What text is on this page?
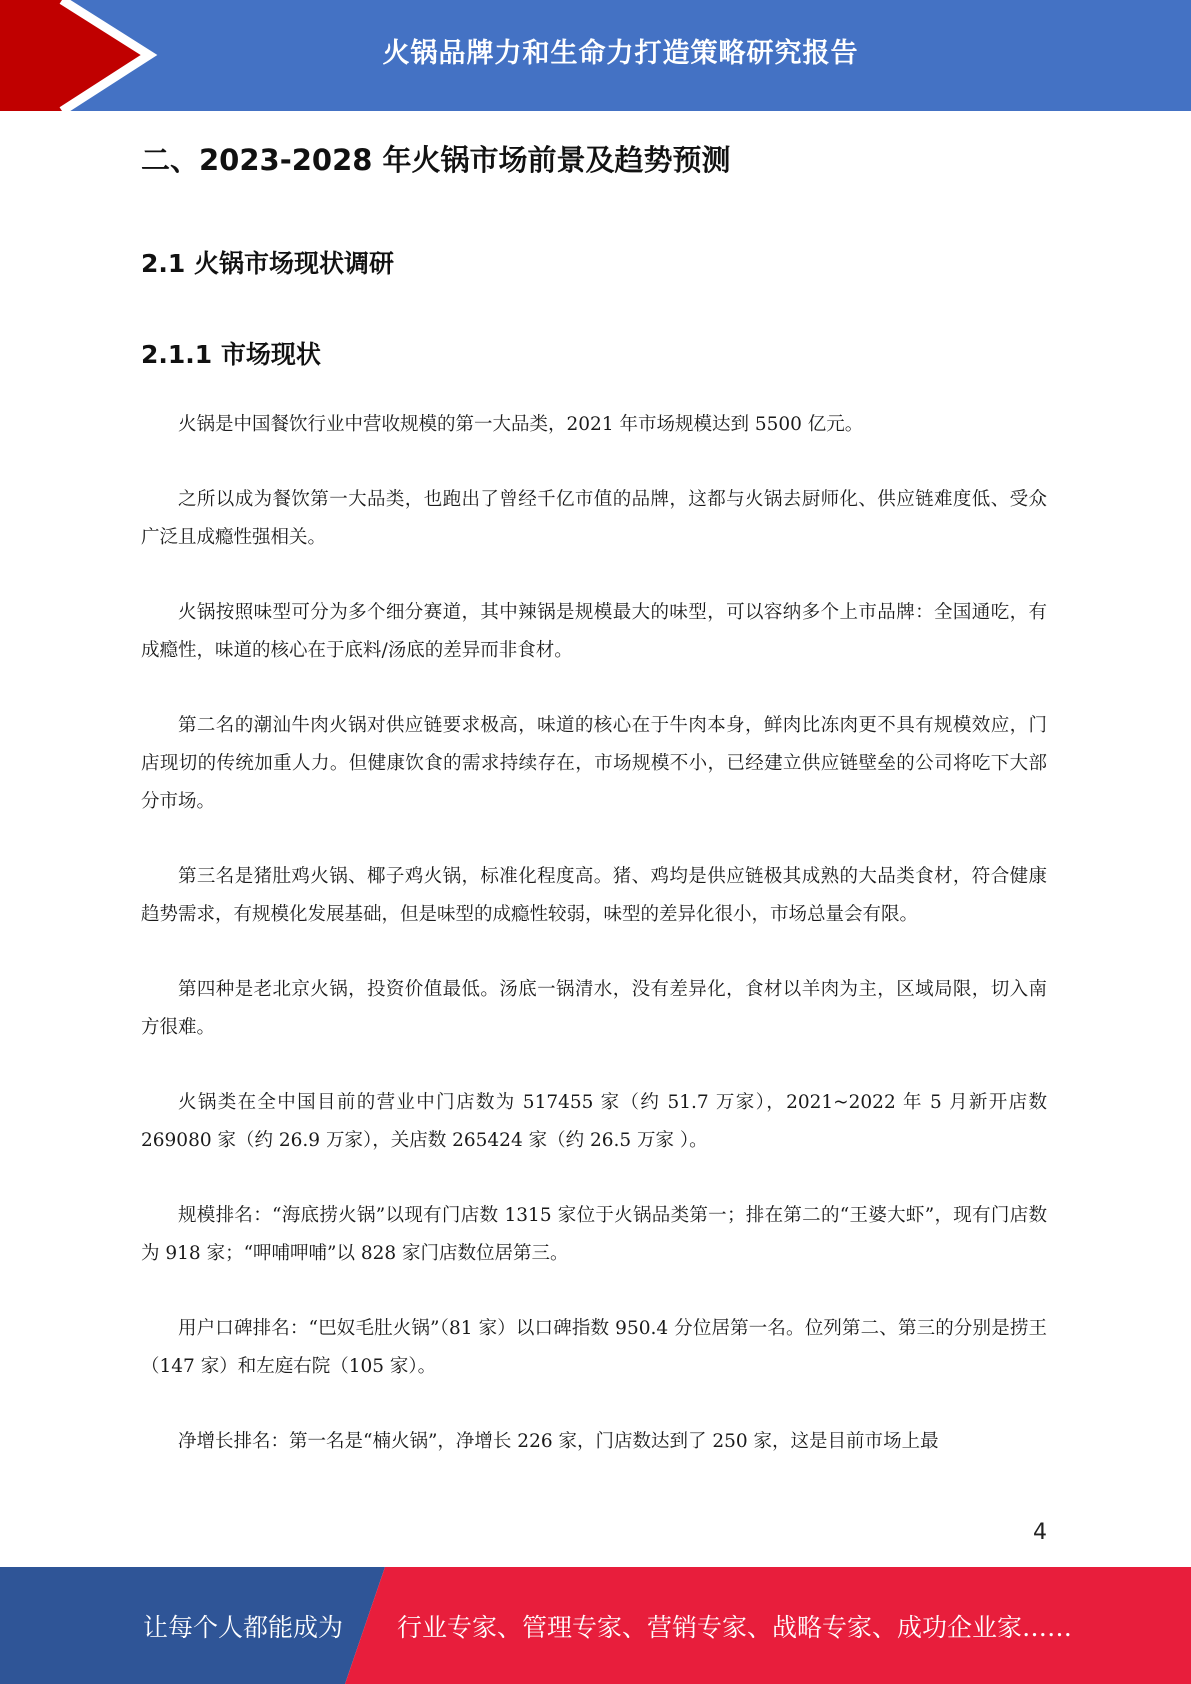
火锅品牌力和生命力打造策略研究报告
二、2023-2028 年火锅市场前景及趋势预测
2.1 火锅市场现状调研
2.1.1 市场现状

火锅是中国餐饮行业中营收规模的第一大品类，2021 年市场规模达到 5500 亿元。

之所以成为餐饮第一大品类，也跑出了曾经千亿市值的品牌，这都与火锅去厨师化、供应链难度低、受众广泛且成瘾性强相关。

火锅按照味型可分为多个细分赛道，其中辣锅是规模最大的味型，可以容纳多个上市品牌：全国通吃，有成瘾性，味道的核心在于底料/汤底的差异而非食材。

第二名的潮汕牛肉火锅对供应链要求极高，味道的核心在于牛肉本身，鲜肉比冻肉更不具有规模效应，门店现切的传统加重人力。但健康饮食的需求持续存在，市场规模不小，已经建立供应链壁垒的公司将吃下大部分市场。

第三名是猪肚鸡火锅、椰子鸡火锅，标准化程度高。猪、鸡均是供应链极其成熟的大品类食材，符合健康趋势需求，有规模化发展基础，但是味型的成瘾性较弱，味型的差异化很小，市场总量会有限。

第四种是老北京火锅，投资价值最低。汤底一锅清水，没有差异化，食材以羊肉为主，区域局限，切入南方很难。

火锅类在全中国目前的营业中门店数为 517455 家（约 51.7 万家），2021~2022 年 5 月新开店数 269080 家（约 26.9 万家），关店数 265424 家（约 26.5 万家 ）。

规模排名：“海底捞火锅”以现有门店数 1315 家位于火锅品类第一；排在第二的“王婆大虾”，现有门店数为 918 家；“呷哺呷哺”以 828 家门店数位居第三。

用户口碑排名：“巴奴毛肚火锅”（81 家）以口碑指数 950.4 分位居第一名。位列第二、第三的分别是捞王（147 家）和左庭右院（105 家）。

净增长排名：第一名是“楠火锅”，净增长 226 家，门店数达到了 250 家，这是目前市场上最

4
让每个人都能成为 行业专家、管理专家、营销专家、战略专家、成功企业家……
